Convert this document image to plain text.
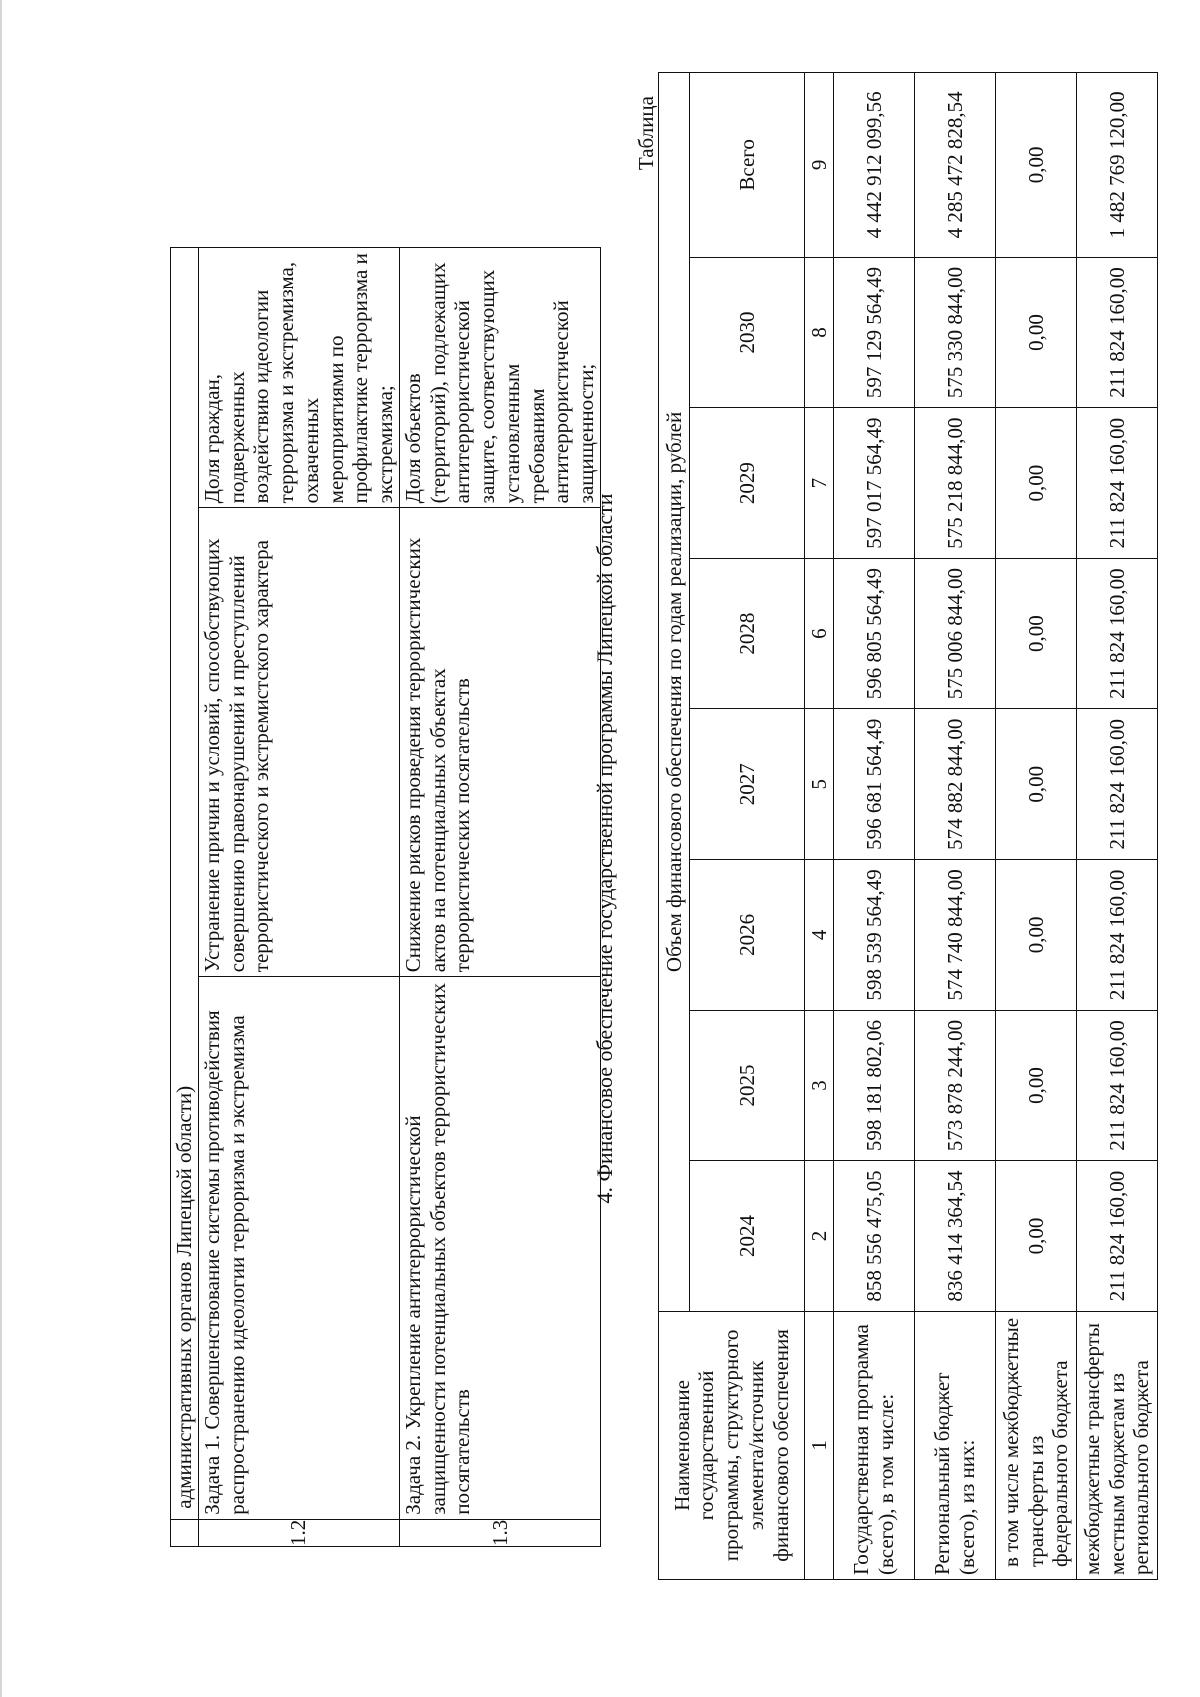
	административных органов Липецкой области)		
1.2	Задача 1. Совершенствование системы противодействия распространению идеологии терроризма и экстремизма	Устранение причин и условий, способствующих совершению правонарушений и преступлений террористического и экстремистского характера	Доля граждан, подверженных воздействию идеологии терроризма и экстремизма, охваченных мероприятиями по профилактике терроризма и экстремизма;
1.3	Задача 2. Укрепление антитеррористической защищенности потенциальных объектов террористических посягательств	Снижение рисков проведения террористических актов на потенциальных объектах террористических посягательств	Доля объектов (территорий), подлежащих антитеррористической защите, соответствующих установленным требованиям антитеррористической защищенности;
4. Финансовое обеспечение государственной программы Липецкой области
Таблица
Наименование государственной программы, структурного элемента/источник финансового обеспечения	Объем финансового обеспечения по годам реализации, рублей							
	2024	2025	2026	2027	2028	2029	2030	Всего
1	2	3	4	5	6	7	8	9
Государственная программа (всего), в том числе:	858 556 475,05	598 181 802,06	598 539 564,49	596 681 564,49	596 805 564,49	597 017 564,49	597 129 564,49	4 442 912 099,56
Региональный бюджет (всего), из них:	836 414 364,54	573 878 244,00	574 740 844,00	574 882 844,00	575 006 844,00	575 218 844,00	575 330 844,00	4 285 472 828,54
в том числе межбюджетные трансферты из федерального бюджета	0,00	0,00	0,00	0,00	0,00	0,00	0,00	0,00
межбюджетные трансферты местным бюджетам из регионального бюджета	211 824 160,00	211 824 160,00	211 824 160,00	211 824 160,00	211 824 160,00	211 824 160,00	211 824 160,00	1 482 769 120,00
